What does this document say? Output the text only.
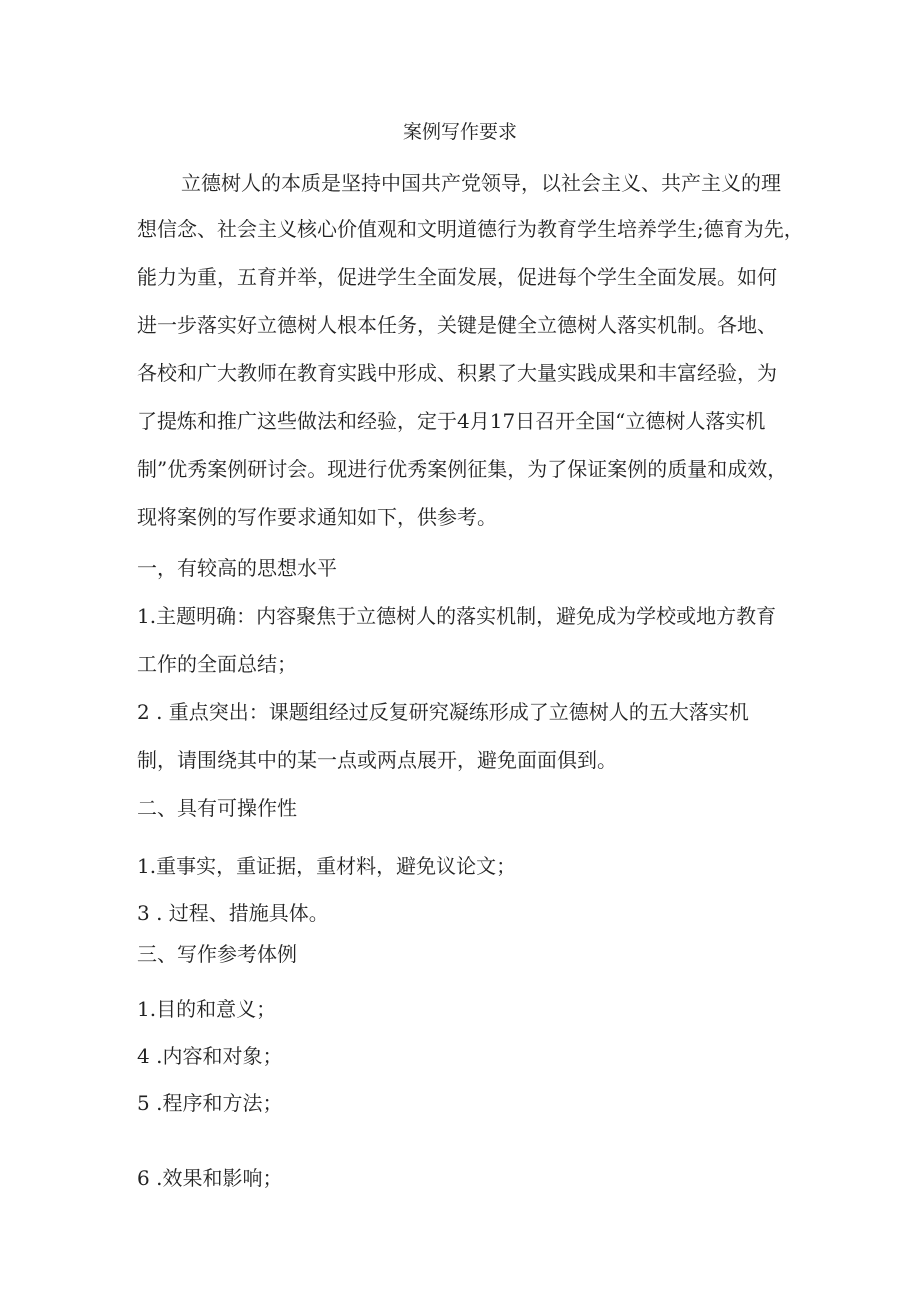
案例写作要求
立德树人的本质是坚持中国共产党领导，以社会主义、共产主义的理
想信念、社会主义核心价值观和文明道德行为教育学生培养学生;德育为先，
能力为重，五育并举，促进学生全面发展，促进每个学生全面发展。如何
进一步落实好立德树人根本任务，关键是健全立德树人落实机制。各地、
各校和广大教师在教育实践中形成、积累了大量实践成果和丰富经验，为
了提炼和推广这些做法和经验，定于4月17日召开全国“立德树人落实机
制”优秀案例研讨会。现进行优秀案例征集，为了保证案例的质量和成效，
现将案例的写作要求通知如下，供参考。
一，有较高的思想水平
1.主题明确：内容聚焦于立德树人的落实机制，避免成为学校或地方教育
工作的全面总结；
2 . 重点突出：课题组经过反复研究凝练形成了立德树人的五大落实机
制，请围绕其中的某一点或两点展开，避免面面俱到。
二、具有可操作性
1.重事实，重证据，重材料，避免议论文；
3 . 过程、措施具体。
三、写作参考体例
1.目的和意义；
4 .内容和对象；
5 .程序和方法；
6 .效果和影响；
